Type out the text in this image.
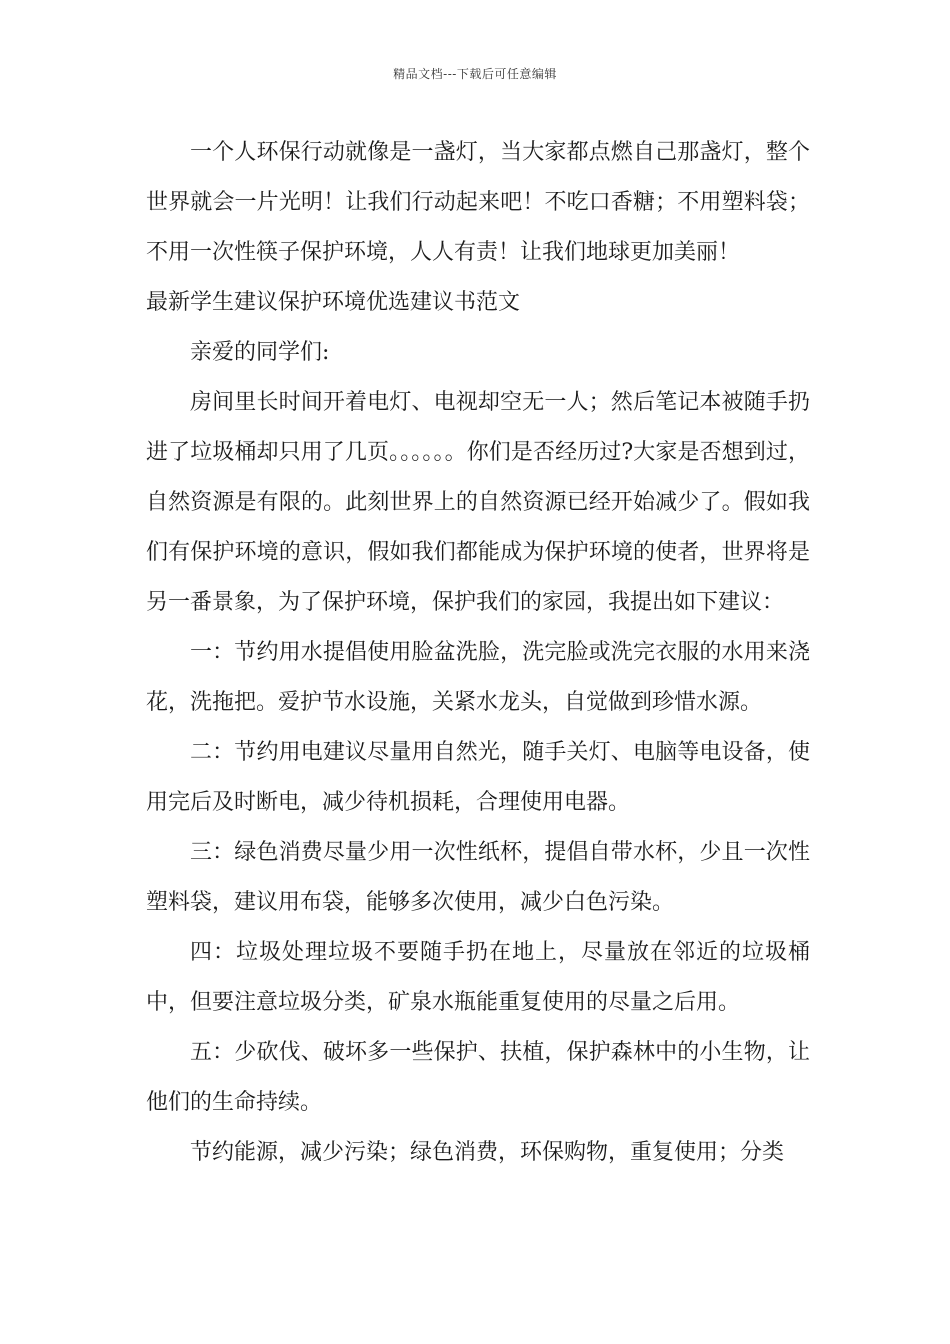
精品文档---下载后可任意编辑

一个人环保行动就像是一盏灯，当大家都点燃自己那盏灯，整个世界就会一片光明！让我们行动起来吧！不吃口香糖；不用塑料袋；不用一次性筷子保护环境，人人有责！让我们地球更加美丽！

最新学生建议保护环境优选建议书范文

亲爱的同学们:

房间里长时间开着电灯、电视却空无一人；然后笔记本被随手扔进了垃圾桶却只用了几页。。。。。。你们是否经历过?大家是否想到过，自然资源是有限的。此刻世界上的自然资源已经开始减少了。假如我们有保护环境的意识，假如我们都能成为保护环境的使者，世界将是另一番景象，为了保护环境，保护我们的家园，我提出如下建议：

一：节约用水提倡使用脸盆洗脸，洗完脸或洗完衣服的水用来浇花，洗拖把。爱护节水设施，关紧水龙头，自觉做到珍惜水源。

二：节约用电建议尽量用自然光，随手关灯、电脑等电设备，使用完后及时断电，减少待机损耗，合理使用电器。

三：绿色消费尽量少用一次性纸杯，提倡自带水杯，少且一次性塑料袋，建议用布袋，能够多次使用，减少白色污染。

四：垃圾处理垃圾不要随手扔在地上，尽量放在邻近的垃圾桶中，但要注意垃圾分类，矿泉水瓶能重复使用的尽量之后用。

五：少砍伐、破坏多一些保护、扶植，保护森林中的小生物，让他们的生命持续。

节约能源，减少污染；绿色消费，环保购物，重复使用；分类
